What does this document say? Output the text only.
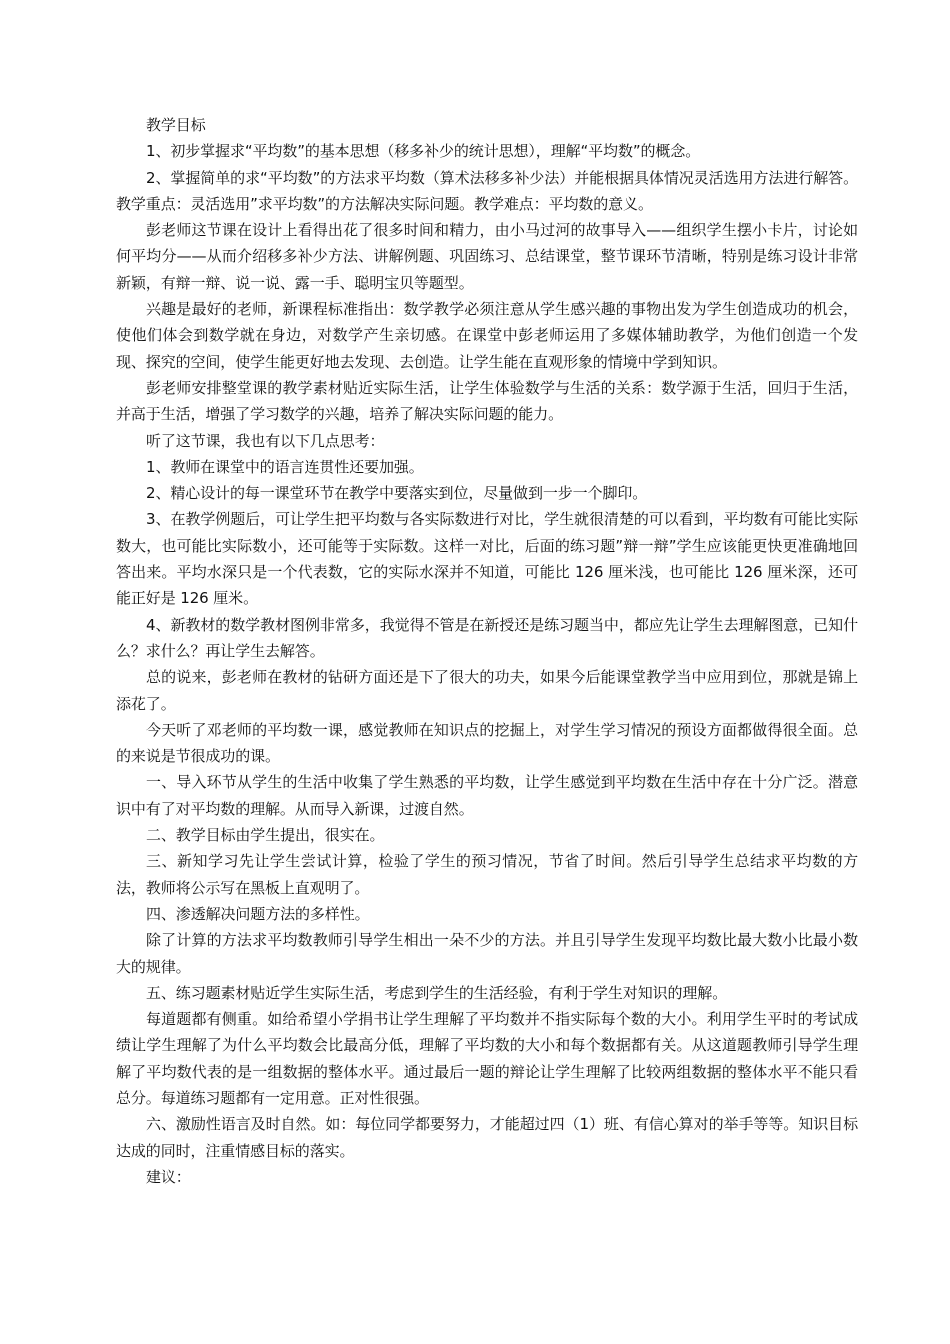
教学目标

1、初步掌握求“平均数”的基本思想（移多补少的统计思想），理解“平均数”的概念。

2、掌握简单的求“平均数”的方法求平均数（算术法移多补少法）并能根据具体情况灵活选用方法进行解答。教学重点：灵活选用”求平均数”的方法解决实际问题。教学难点：平均数的意义。

彭老师这节课在设计上看得出花了很多时间和精力，由小马过河的故事导入——组织学生摆小卡片，讨论如何平均分——从而介绍移多补少方法、讲解例题、巩固练习、总结课堂，整节课环节清晰，特别是练习设计非常新颖，有辩一辩、说一说、露一手、聪明宝贝等题型。

兴趣是最好的老师，新课程标准指出：数学教学必须注意从学生感兴趣的事物出发为学生创造成功的机会，使他们体会到数学就在身边，对数学产生亲切感。在课堂中彭老师运用了多媒体辅助教学，为他们创造一个发现、探究的空间，使学生能更好地去发现、去创造。让学生能在直观形象的情境中学到知识。

彭老师安排整堂课的教学素材贴近实际生活，让学生体验数学与生活的关系：数学源于生活，回归于生活，并高于生活，增强了学习数学的兴趣，培养了解决实际问题的能力。

听了这节课，我也有以下几点思考：

1、教师在课堂中的语言连贯性还要加强。

2、精心设计的每一课堂环节在教学中要落实到位，尽量做到一步一个脚印。

3、在教学例题后，可让学生把平均数与各实际数进行对比，学生就很清楚的可以看到，平均数有可能比实际数大，也可能比实际数小，还可能等于实际数。这样一对比，后面的练习题”辩一辩”学生应该能更快更准确地回答出来。平均水深只是一个代表数，它的实际水深并不知道，可能比 126 厘米浅，也可能比 126 厘米深，还可能正好是 126 厘米。

4、新教材的数学教材图例非常多，我觉得不管是在新授还是练习题当中，都应先让学生去理解图意，已知什么？求什么？再让学生去解答。

总的说来，彭老师在教材的钻研方面还是下了很大的功夫，如果今后能课堂教学当中应用到位，那就是锦上添花了。

今天听了邓老师的平均数一课，感觉教师在知识点的挖掘上，对学生学习情况的预设方面都做得很全面。总的来说是节很成功的课。

一、导入环节从学生的生活中收集了学生熟悉的平均数，让学生感觉到平均数在生活中存在十分广泛。潜意识中有了对平均数的理解。从而导入新课，过渡自然。

二、教学目标由学生提出，很实在。

三、新知学习先让学生尝试计算，检验了学生的预习情况，节省了时间。然后引导学生总结求平均数的方法，教师将公示写在黑板上直观明了。

四、渗透解决问题方法的多样性。

除了计算的方法求平均数教师引导学生相出一朵不少的方法。并且引导学生发现平均数比最大数小比最小数大的规律。

五、练习题素材贴近学生实际生活，考虑到学生的生活经验，有利于学生对知识的理解。

每道题都有侧重。如给希望小学捐书让学生理解了平均数并不指实际每个数的大小。利用学生平时的考试成绩让学生理解了为什么平均数会比最高分低，理解了平均数的大小和每个数据都有关。从这道题教师引导学生理解了平均数代表的是一组数据的整体水平。通过最后一题的辩论让学生理解了比较两组数据的整体水平不能只看总分。每道练习题都有一定用意。正对性很强。

六、激励性语言及时自然。如：每位同学都要努力，才能超过四（1）班、有信心算对的举手等等。知识目标达成的同时，注重情感目标的落实。

建议：
